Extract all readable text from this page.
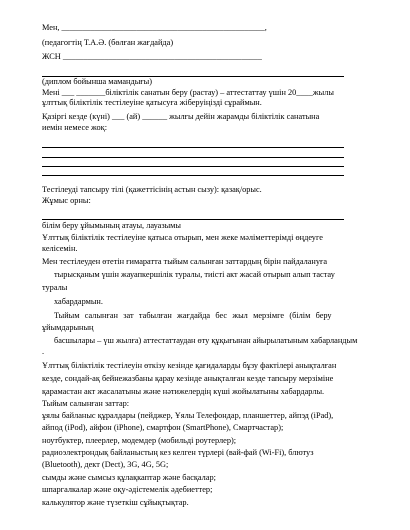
Мен, _________________________________________________,

(педагогтің Т.А.Ә. (бөлған жағдайда)

ЖСН ________________________________________________

(диплом бойынша мамандығы)

Мені ___ _______біліктілік санатын беру (растау) – аттестаттау үшін 20____жылы

ұлттық біліктілік тестілеуіне қатысуға жіберуіңізді сұраймын.

Қазіргі кезде (күні) ___ (ай) ______ жылғы дейін жарамды біліктілік санатына

иемін немесе жоқ:

Тестілеуді тапсыру тілі (қажеттісінің астын сызу): қазақ/орыс.

Жұмыс орны:

білім беру ұйымының атауы, лауазымы

Ұлттық біліктілік тестілеуіне қатыса отырып, мен жеке мәліметтерімді өңдеуге

келісемін.

Мен тестілеуден өтетін ғимаратта тыйым салынған заттардың бірін пайдалануға

тырысқаным үшін жауапкершілік туралы, тиісті акт жасай отырып алып тастау

туралы

хабардармын.

Тыйым салынған зат табылған жағдайда бес жыл мерзімге (білім беру

ұйымдарының

басшылары – үш жылға) аттестаттаудан өту құқығынан айырылатыным хабарландым

.

Ұлттық біліктілік тестілеуін өткізу кезінде қағидаларды бұзу фактілері анықталған

кезде, сондай-ақ бейнежазбаны қарау кезінде анықталған кезде тапсыру мерзіміне

қарамастан акт жасалатыны және нәтижелердің күші жойылатыны хабардарлы.

Тыйым салынған заттар:

ұялы байланыс құралдары (пейджер, Ұялы Телефондар, планшеттер, айпэд (iPad),

айпод (iPod), айфон (iPhone), смартфон (SmartPhone), Смартчастар);

ноутбуктер, плеерлер, модемдер (мобильді роутерлер);

радиоэлектрондық байланыстың кез келген түрлері (вай-фай (Wi-Fi), блютуз

(Bluetooth), дект (Dect), 3G, 4G, 5G;

сымды және сымсыз құлақкаптар және басқалар;

шпаргалкалар және оқу-әдістемелік әдебиеттер;

калькулятор және түзеткіш сұйықтықтар.
